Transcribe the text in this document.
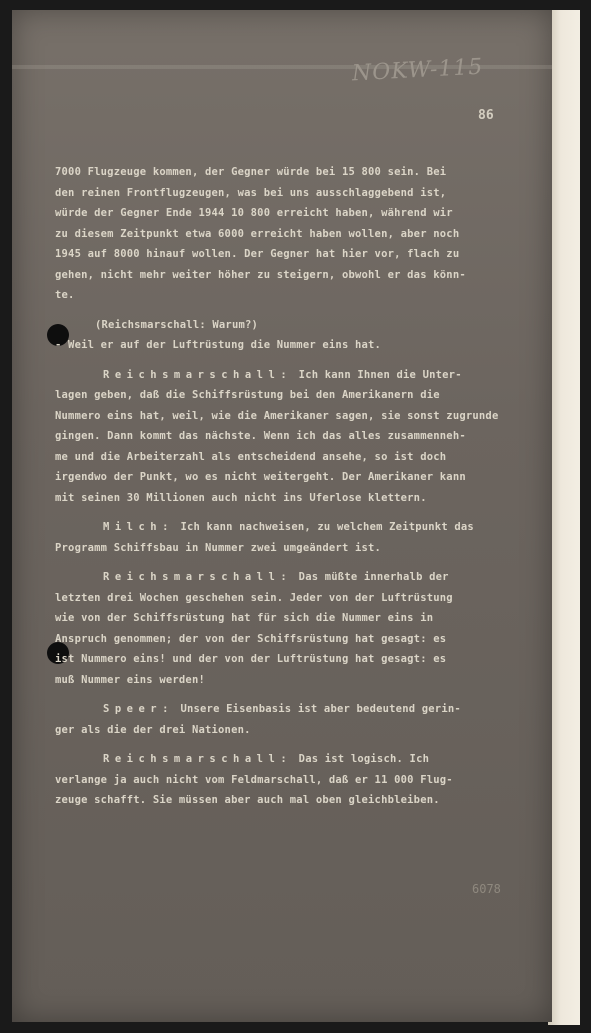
NOKW-115
86
7000 Flugzeuge kommen, der Gegner würde bei 15 800 sein. Bei
den reinen Frontflugzeugen, was bei uns ausschlaggebend ist,
würde der Gegner Ende 1944 10 800 erreicht haben, während wir
zu diesem Zeitpunkt etwa 6000 erreicht haben wollen, aber noch
1945 auf 8000 hinauf wollen. Der Gegner hat hier vor, flach zu
gehen, nicht mehr weiter höher zu steigern, obwohl er das könn-
te.
(Reichsmarschall: Warum?)
- Weil er auf der Luftrüstung die Nummer eins hat.
Reichsmarschall: Ich kann Ihnen die Unter-
lagen geben, daß die Schiffsrüstung bei den Amerikanern die
Nummero eins hat, weil, wie die Amerikaner sagen, sie sonst zugrunde
gingen. Dann kommt das nächste. Wenn ich das alles zusammenneh-
me und die Arbeiterzahl als entscheidend ansehe, so ist doch
irgendwo der Punkt, wo es nicht weitergeht. Der Amerikaner kann
mit seinen 30 Millionen auch nicht ins Uferlose klettern.
Milch: Ich kann nachweisen, zu welchem Zeitpunkt das
Programm Schiffsbau in Nummer zwei umgeändert ist.
Reichsmarschall: Das müßte innerhalb der
letzten drei Wochen geschehen sein. Jeder von der Luftrüstung
wie von der Schiffsrüstung hat für sich die Nummer eins in
Anspruch genommen; der von der Schiffsrüstung hat gesagt: es
ist Nummero eins! und der von der Luftrüstung hat gesagt: es
muß Nummer eins werden!
Speer: Unsere Eisenbasis ist aber bedeutend gerin-
ger als die der drei Nationen.
Reichsmarschall: Das ist logisch. Ich
verlange ja auch nicht vom Feldmarschall, daß er 11 000 Flug-
zeuge schafft. Sie müssen aber auch mal oben gleichbleiben.
6078
